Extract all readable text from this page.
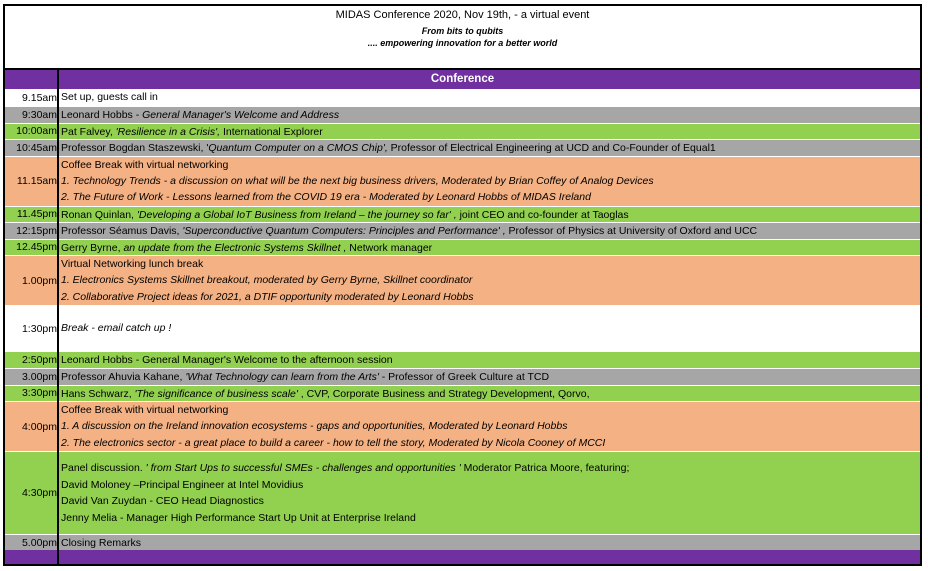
MIDAS Conference 2020, Nov 19th, - a virtual event
From bits to qubits
.... empowering innovation for a better world
Conference
9.15am Set up, guests call in
9:30am Leonard Hobbs - General Manager's Welcome and Address
10:00am Pat Falvey, 'Resilience in a Crisis', International Explorer
10:45am Professor Bogdan Staszewski, 'Quantum Computer on a CMOS Chip', Professor of Electrical Engineering at UCD and Co-Founder of Equal1
11.15am
Coffee Break with virtual networking
1. Technology Trends - a discussion on what will be the next big business drivers, Moderated by Brian Coffey of Analog Devices
2. The Future of Work - Lessons learned from the COVID 19 era - Moderated by Leonard Hobbs of MIDAS Ireland
11.45pm Ronan Quinlan, 'Developing a Global IoT Business from Ireland – the journey so far' , joint CEO and co-founder at Taoglas
12:15pm Professor Séamus Davis, 'Superconductive Quantum Computers: Principles and Performance' , Professor of Physics at University of Oxford and UCC
12.45pm Gerry Byrne, an update from the Electronic Systems Skillnet , Network manager
1.00pm
Virtual Networking lunch break
1. Electronics Systems Skillnet breakout, moderated by Gerry Byrne, Skillnet coordinator
2. Collaborative Project ideas for 2021, a DTIF opportunity moderated by Leonard Hobbs
1:30pm Break - email catch up !
2:50pm Leonard Hobbs - General Manager's Welcome to the afternoon session
3.00pm Professor Ahuvia Kahane, 'What Technology can learn from the Arts' - Professor of Greek Culture at TCD
3:30pm Hans Schwarz, 'The significance of business scale' , CVP, Corporate Business and Strategy Development, Qorvo,
4:00pm
Coffee Break with virtual networking
1. A discussion on the Ireland innovation ecosystems - gaps and opportunities, Moderated by Leonard Hobbs
2. The electronics sector - a great place to build a career - how to tell the story, Moderated by Nicola Cooney of MCCI
4:30pm
Panel discussion. ' from Start Ups to successful SMEs - challenges and opportunities ' Moderator Patrica Moore, featuring;
David Moloney –Principal Engineer at Intel Movidius
David Van Zuydan - CEO Head Diagnostics
Jenny Melia - Manager High Performance Start Up Unit at Enterprise Ireland
5.00pm Closing Remarks
